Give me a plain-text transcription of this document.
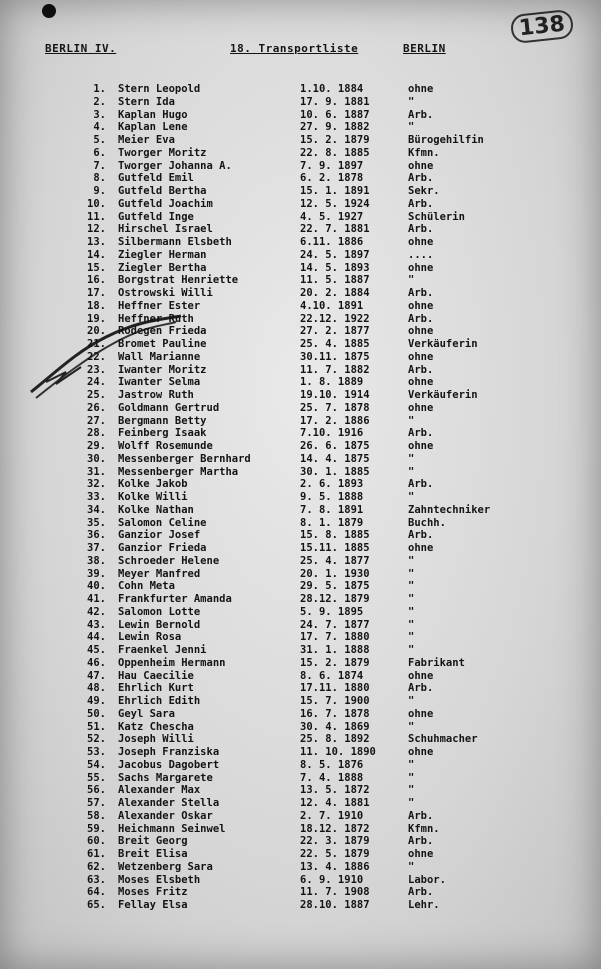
138
BERLIN IV.	18. Transportliste	BERLIN
1. Stern Leopold	1.10. 1884	ohne
2. Stern Ida	17. 9. 1881	"
3. Kaplan Hugo	10. 6. 1887	Arb.
4. Kaplan Lene	27. 9. 1882	"
5. Meier Eva	15. 2. 1879	Bürogehilfin
6. Tworger Moritz	22. 8. 1885	Kfmn.
7. Tworger Johanna A.	7. 9. 1897	ohne
8. Gutfeld Emil	6. 2. 1878	Arb.
9. Gutfeld Bertha	15. 1. 1891	Sekr.
10. Gutfeld Joachim	12. 5. 1924	Arb.
11. Gutfeld Inge	4. 5. 1927	Schülerin
12. Hirschel Israel	22. 7. 1881	Arb.
13. Silbermann Elsbeth	6.11. 1886	ohne
14. Ziegler Herman	24. 5. 1897	....
15. Ziegler Bertha	14. 5. 1893	ohne
16. Borgstrat Henriette	11. 5. 1887	"
17. Ostrowski Willi	20. 2. 1884	Arb.
18. Heffner Ester	4.10. 1891	ohne
19. Heffner Ruth	22.12. 1922	Arb.
20. Rodegen Frieda	27. 2. 1877	ohne
21. Bromet Pauline	25. 4. 1885	Verkäuferin
22. Wall Marianne	30.11. 1875	ohne
23. Iwanter Moritz	11. 7. 1882	Arb.
24. Iwanter Selma	1. 8. 1889	ohne
25. Jastrow Ruth	19.10. 1914	Verkäuferin
26. Goldmann Gertrud	25. 7. 1878	ohne
27. Bergmann Betty	17. 2. 1886	"
28. Feinberg Isaak	7.10. 1916	Arb.
29. Wolff Rosemunde	26. 6. 1875	ohne
30. Messenberger Bernhard	14. 4. 1875	"
31. Messenberger Martha	30. 1. 1885	"
32. Kolke Jakob	2. 6. 1893	Arb.
33. Kolke Willi	9. 5. 1888	"
34. Kolke Nathan	7. 8. 1891	Zahntechniker
35. Salomon Celine	8. 1. 1879	Buchh.
36. Ganzior Josef	15. 8. 1885	Arb.
37. Ganzior Frieda	15.11. 1885	ohne
38. Schroeder Helene	25. 4. 1877	"
39. Meyer Manfred	20. 1. 1930	"
40. Cohn Meta	29. 5. 1875	"
41. Frankfurter Amanda	28.12. 1879	"
42. Salomon Lotte	5. 9. 1895	"
43. Lewin Bernold	24. 7. 1877	"
44. Lewin Rosa	17. 7. 1880	"
45. Fraenkel Jenni	31. 1. 1888	"
46. Oppenheim Hermann	15. 2. 1879	Fabrikant
47. Hau Caecilie	8. 6. 1874	ohne
48. Ehrlich Kurt	17.11. 1880	Arb.
49. Ehrlich Edith	15. 7. 1900	"
50. Geyl Sara	16. 7. 1878	ohne
51. Katz Chescha	30. 4. 1869	"
52. Joseph Willi	25. 8. 1892	Schuhmacher
53. Joseph Franziska	11. 10. 1890	ohne
54. Jacobus Dagobert	8. 5. 1876	"
55. Sachs Margarete	7. 4. 1888	"
56. Alexander Max	13. 5. 1872	"
57. Alexander Stella	12. 4. 1881	"
58. Alexander Oskar	2. 7. 1910	Arb.
59. Heichmann Seinwel	18.12. 1872	Kfmn.
60. Breit Georg	22. 3. 1879	Arb.
61. Breit Elisa	22. 5. 1879	ohne
62. Wetzenberg Sara	13. 4. 1886	"
63. Moses Elsbeth	6. 9. 1910	Labor.
64. Moses Fritz	11. 7. 1908	Arb.
65. Fellay Elsa	28.10. 1887	Lehr.
